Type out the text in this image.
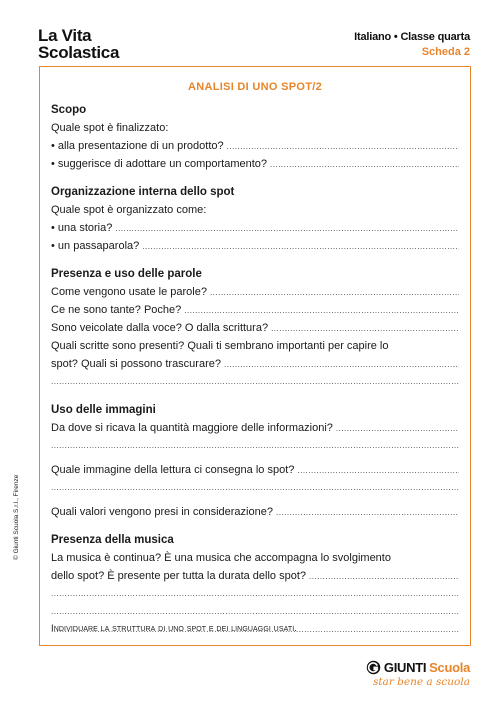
La Vita
Scolastica
Italiano • Classe quarta
Scheda 2
ANALISI DI UNO SPOT/2
Scopo
Quale spot è finalizzato:
• alla presentazione di un prodotto?
.....
• suggerisce di adottare un comportamento?
.....
Organizzazione interna dello spot
Quale spot è organizzato come:
• una storia?
.....
• un passaparola?
.....
Presenza e uso delle parole
Come vengono usate le parole?
.....
Ce ne sono tante? Poche?
.....
Sono veicolate dalla voce? O dalla scrittura?
.....
Quali scritte sono presenti? Quali ti sembrano importanti per capire lo
spot? Quali si possono trascurare?
.....
.....
Uso delle immagini
Da dove si ricava la quantità maggiore delle informazioni?
.....
.....
Quale immagine della lettura ci consegna lo spot?
.....
.....
Quali valori vengono presi in considerazione?
.....
Presenza della musica
La musica è continua? È una musica che accompagna lo svolgimento
dello spot? È presente per tutta la durata dello spot?
.....
.....
.....
.....
Individuare la struttura di uno spot e dei linguaggi usati.
© Giunti Scuola S.r.l., Firenze
GIUNTI Scuola
star bene a scuola
